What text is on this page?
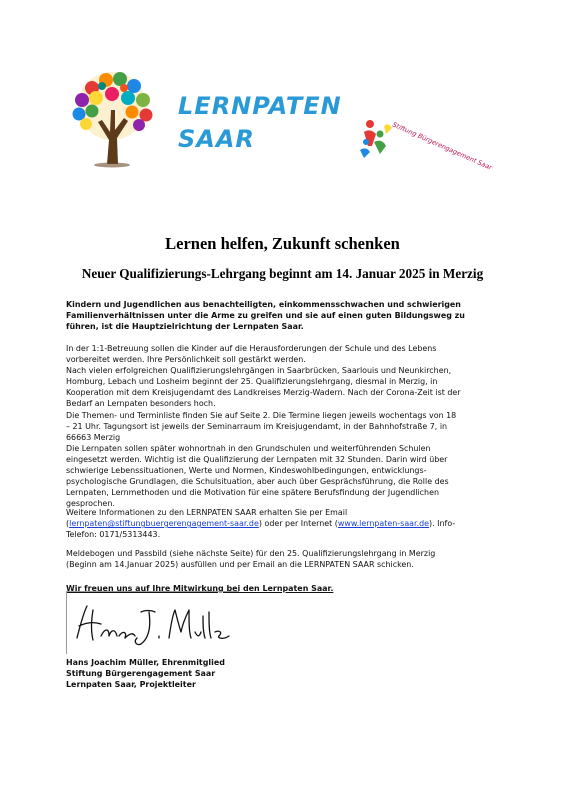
LERNPATEN
SAAR	Stiftung Bürgerengagement Saar
Lernen helfen, Zukunft schenken
Neuer Qualifizierungs-Lehrgang beginnt am 14. Januar 2025 in Merzig
Kindern und Jugendlichen aus benachteiligten, einkommensschwachen und schwierigen
Familienverhältnissen unter die Arme zu greifen und sie auf einen guten Bildungsweg zu
führen, ist die Hauptzielrichtung der Lernpaten Saar.
In der 1:1-Betreuung sollen die Kinder auf die Herausforderungen der Schule und des Lebens
vorbereitet werden. Ihre Persönlichkeit soll gestärkt werden.
Nach vielen erfolgreichen Qualifizierungslehrgängen in Saarbrücken, Saarlouis und Neunkirchen,
Homburg, Lebach und Losheim beginnt der 25. Qualifizierungslehrgang, diesmal in Merzig, in
Kooperation mit dem Kreisjugendamt des Landkreises Merzig-Wadern. Nach der Corona-Zeit ist der
Bedarf an Lernpaten besonders hoch.
Die Themen- und Terminliste finden Sie auf Seite 2. Die Termine liegen jeweils wochentags von 18
– 21 Uhr. Tagungsort ist jeweils der Seminarraum im Kreisjugendamt, in der Bahnhofstraße 7, in
66663 Merzig
Die Lernpaten sollen später wohnortnah in den Grundschulen und weiterführenden Schulen
eingesetzt werden. Wichtig ist die Qualifizierung der Lernpaten mit 32 Stunden. Darin wird über
schwierige Lebenssituationen, Werte und Normen, Kindeswohlbedingungen, entwicklungs-
psychologische Grundlagen, die Schulsituation, aber auch über Gesprächsführung, die Rolle des
Lernpaten, Lernmethoden und die Motivation für eine spätere Berufsfindung der Jugendlichen
gesprochen.
Weitere Informationen zu den LERNPATEN SAAR erhalten Sie per Email
(lernpaten@stiftungbuergerengagement-saar.de) oder per Internet (www.lernpaten-saar.de). Info-
Telefon: 0171/5313443.
Meldebogen und Passbild (siehe nächste Seite) für den 25. Qualifizierungslehrgang in Merzig
(Beginn am 14.Januar 2025) ausfüllen und per Email an die LERNPATEN SAAR schicken.
Wir freuen uns auf Ihre Mitwirkung bei den Lernpaten Saar.
Hans Joachim Müller, Ehrenmitglied
Stiftung Bürgerengagement Saar
Lernpaten Saar, Projektleiter
